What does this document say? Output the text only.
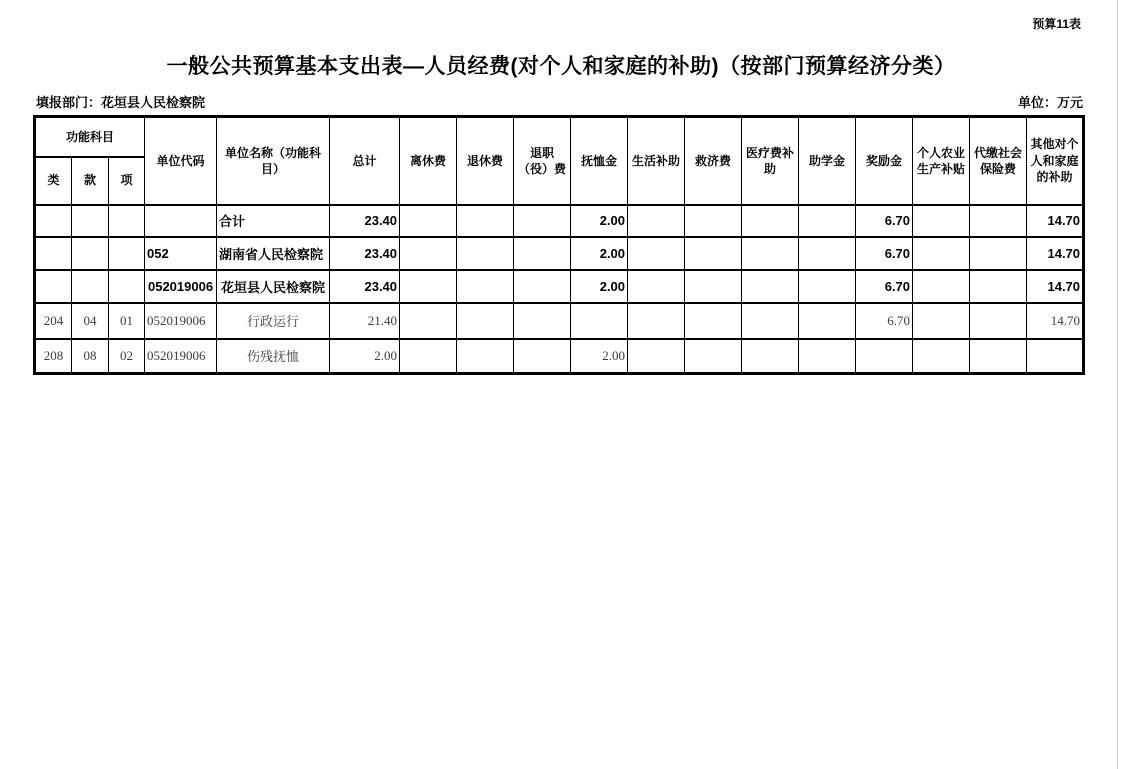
预算11表
一般公共预算基本支出表—人员经费(对个人和家庭的补助)（按部门预算经济分类）
填报部门：花垣县人民检察院	单位：万元
功能科目			单位代码	单位名称（功能科目）	总计	离休费	退休费	退职（役）费	抚恤金	生活补助	救济费	医疗费补助	助学金	奖励金	个人农业生产补贴	代缴社会保险费	其他对个人和家庭的补助
类	款	项															
				合计	23.40				2.00					6.70			14.70
			052	湖南省人民检察院	23.40				2.00					6.70			14.70
			052019006	花垣县人民检察院	23.40				2.00					6.70			14.70
204	04	01	052019006	行政运行	21.40									6.70			14.70
208	08	02	052019006	伤残抚恤	2.00				2.00								
